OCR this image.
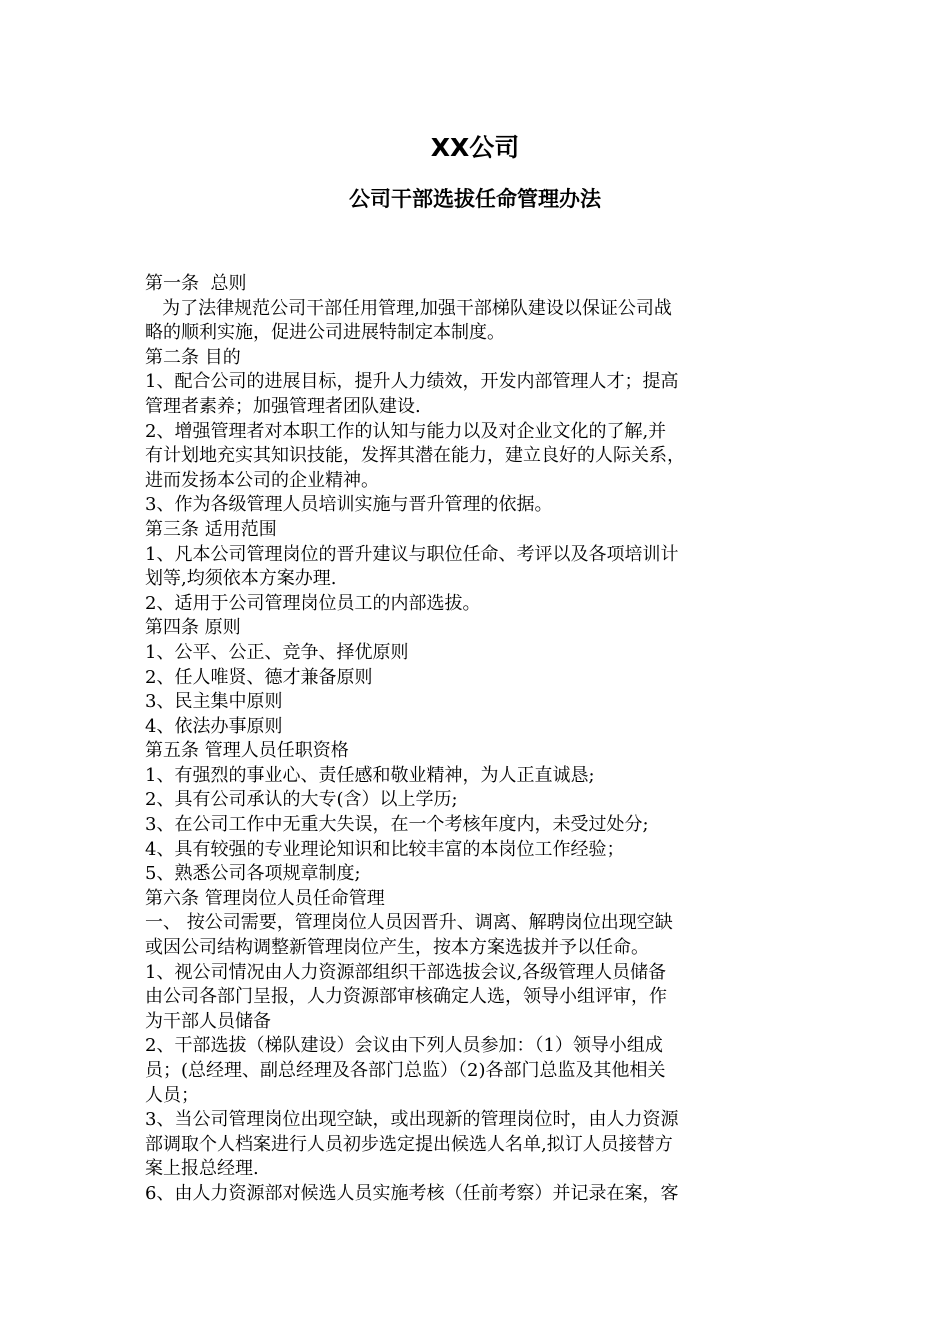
XX公司
公司干部选拔任命管理办法

第一条  总则

为了法律规范公司干部任用管理,加强干部梯队建设以保证公司战

略的顺利实施，促进公司进展特制定本制度。

第二条 目的

1、配合公司的进展目标，提升人力绩效，开发内部管理人才；提高

管理者素养；加强管理者团队建设.

2、增强管理者对本职工作的认知与能力以及对企业文化的了解,并

有计划地充实其知识技能，发挥其潜在能力，建立良好的人际关系，

进而发扬本公司的企业精神。

3、作为各级管理人员培训实施与晋升管理的依据。

第三条 适用范围

1、凡本公司管理岗位的晋升建议与职位任命、考评以及各项培训计

划等,均须依本方案办理.

2、适用于公司管理岗位员工的内部选拔。

第四条 原则

1、公平、公正、竞争、择优原则

2、任人唯贤、德才兼备原则

3、民主集中原则

4、依法办事原则

第五条 管理人员任职资格

1、有强烈的事业心、责任感和敬业精神，为人正直诚恳;

2、具有公司承认的大专(含）以上学历;

3、在公司工作中无重大失误，在一个考核年度内，未受过处分;

4、具有较强的专业理论知识和比较丰富的本岗位工作经验；

5、熟悉公司各项规章制度;

第六条 管理岗位人员任命管理

一、 按公司需要，管理岗位人员因晋升、调离、解聘岗位出现空缺

或因公司结构调整新管理岗位产生，按本方案选拔并予以任命。

1、视公司情况由人力资源部组织干部选拔会议,各级管理人员储备

由公司各部门呈报，人力资源部审核确定人选，领导小组评审，作

为干部人员储备

2、干部选拔（梯队建设）会议由下列人员参加：（1）领导小组成

员；(总经理、副总经理及各部门总监）（2)各部门总监及其他相关

人员；

3、当公司管理岗位出现空缺，或出现新的管理岗位时，由人力资源

部调取个人档案进行人员初步选定提出候选人名单,拟订人员接替方

案上报总经理.

6、由人力资源部对候选人员实施考核（任前考察）并记录在案，客
